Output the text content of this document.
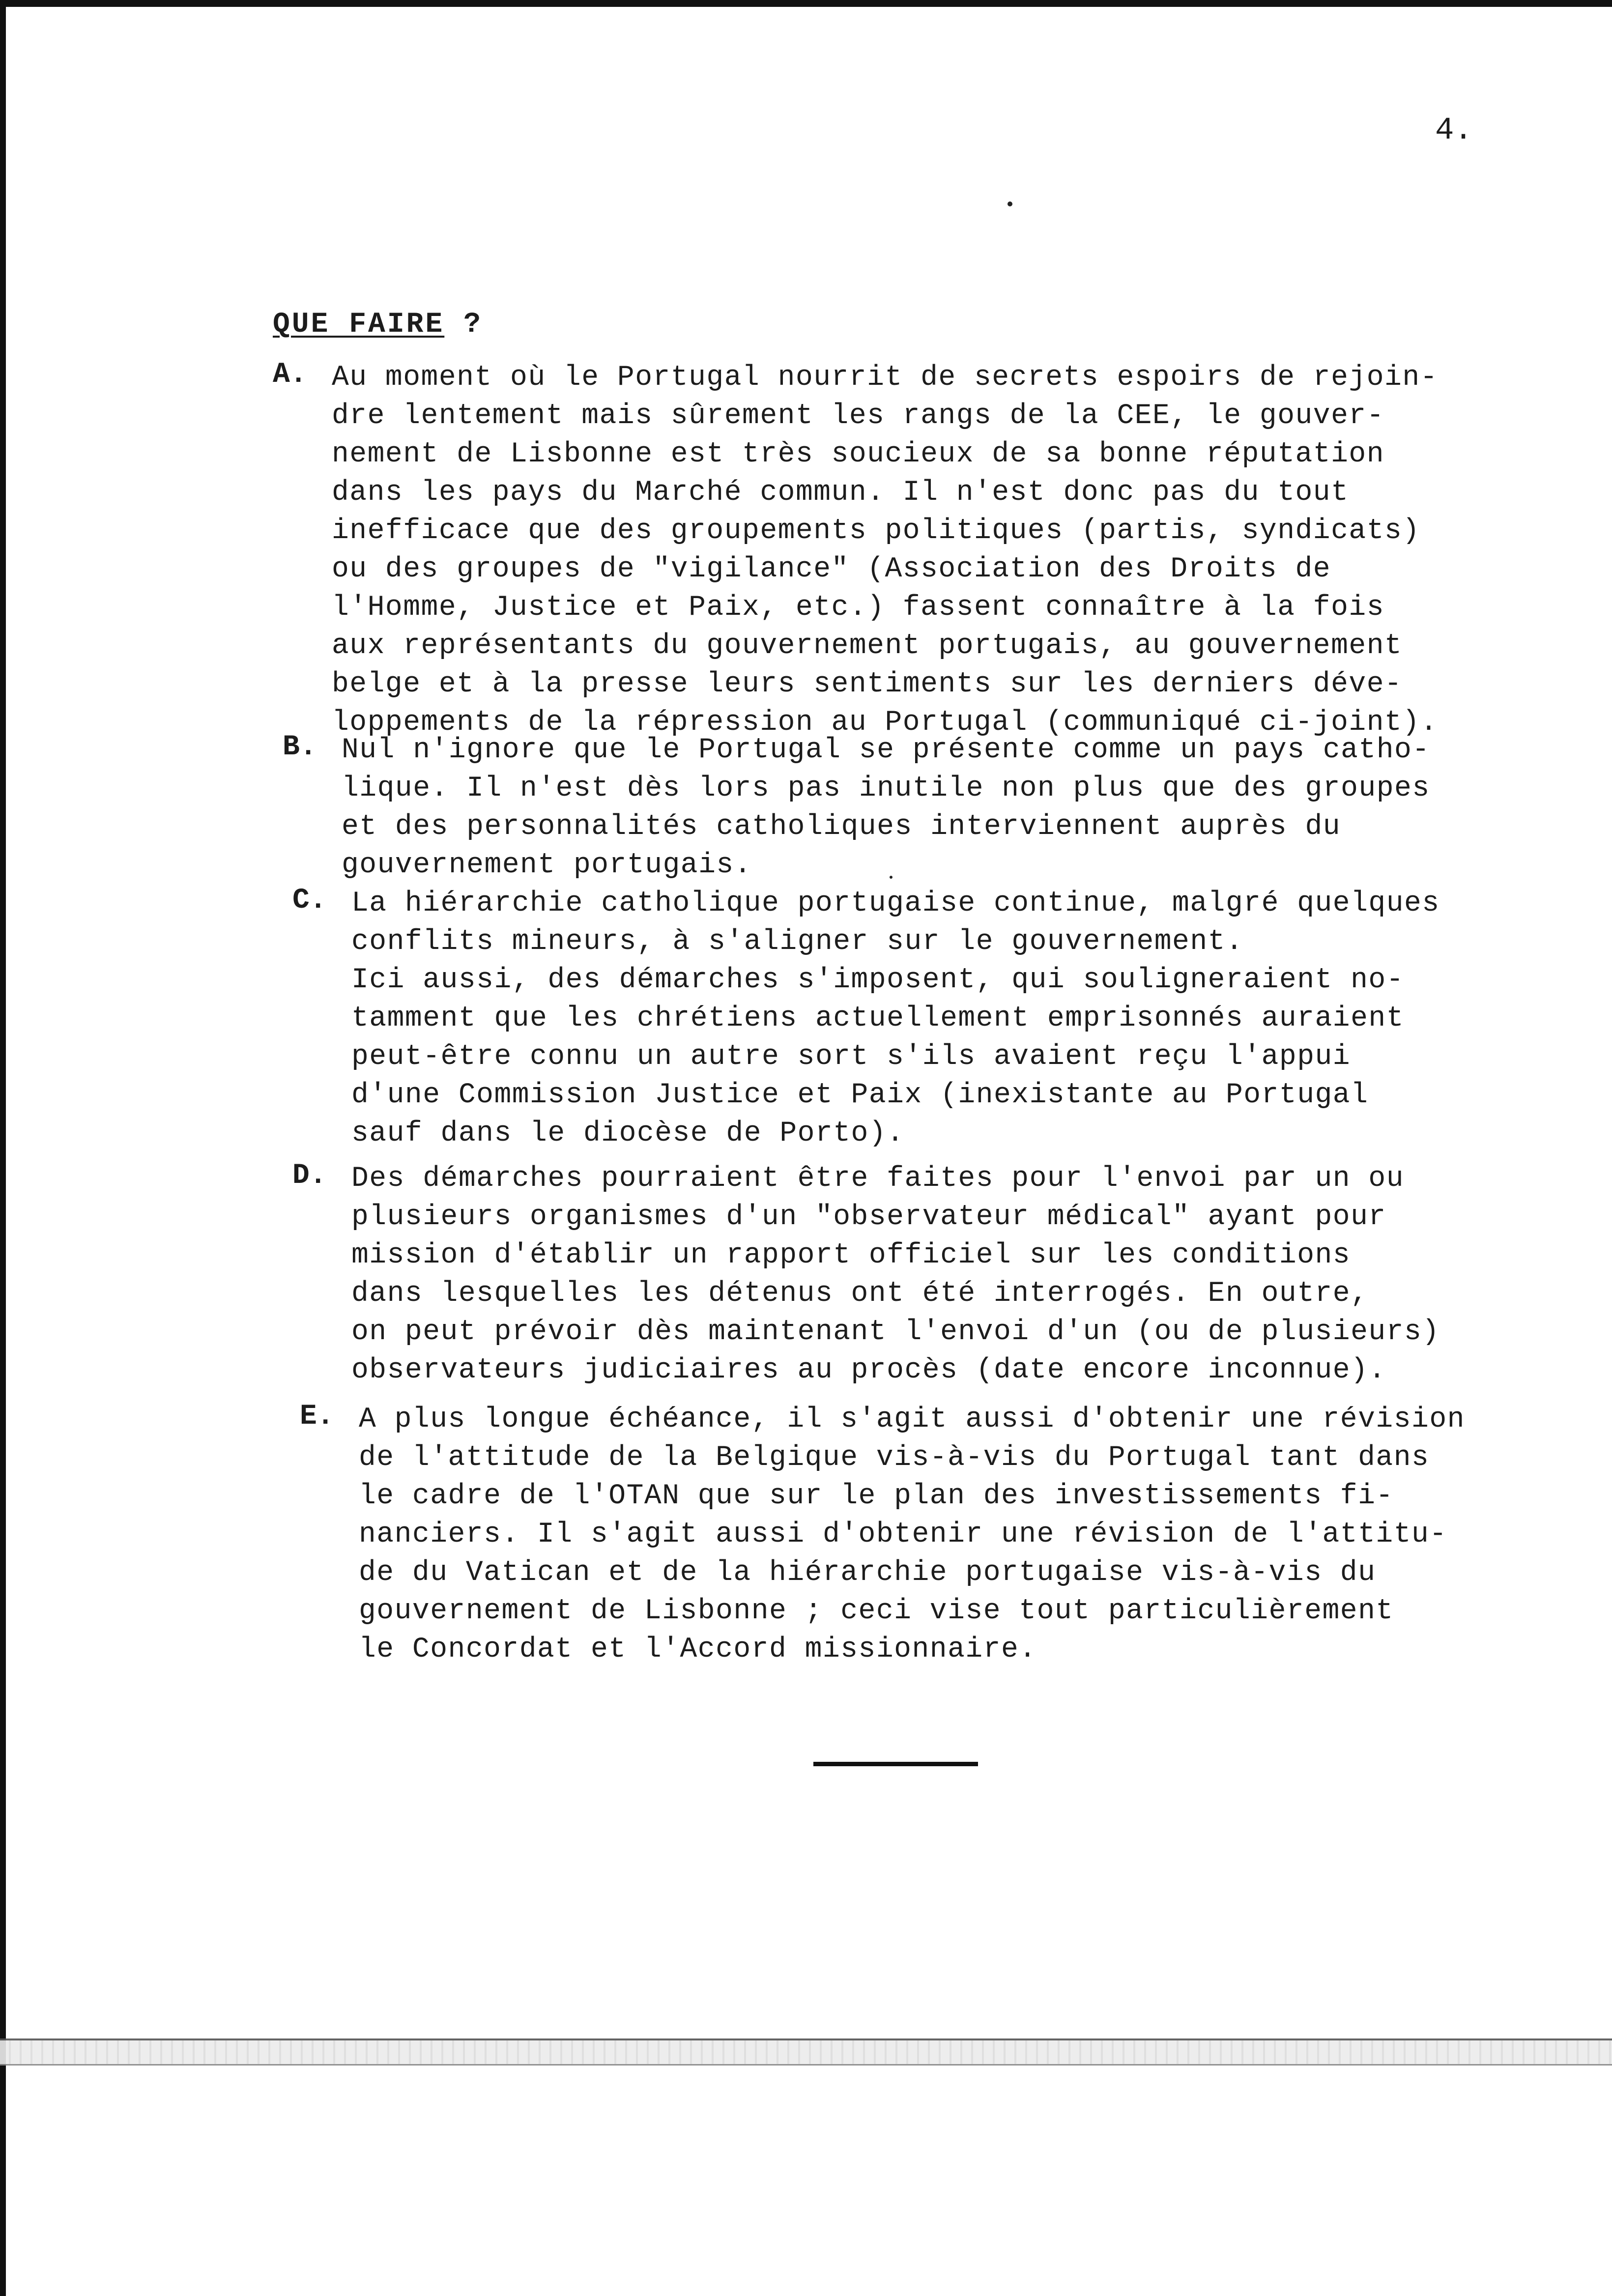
4.
QUE FAIRE ?
A. Au moment où le Portugal nourrit de secrets espoirs de rejoin-
dre lentement mais sûrement les rangs de la CEE, le gouver-
nement de Lisbonne est très soucieux de sa bonne réputation
dans les pays du Marché commun. Il n'est donc pas du tout
inefficace que des groupements politiques (partis, syndicats)
ou des groupes de "vigilance" (Association des Droits de
l'Homme, Justice et Paix, etc.) fassent connaître à la fois
aux représentants du gouvernement portugais, au gouvernement
belge et à la presse leurs sentiments sur les derniers déve-
loppements de la répression au Portugal (communiqué ci-joint).
B. Nul n'ignore que le Portugal se présente comme un pays catho-
lique. Il n'est dès lors pas inutile non plus que des groupes
et des personnalités catholiques interviennent auprès du
gouvernement portugais.
C. La hiérarchie catholique portugaise continue, malgré quelques
conflits mineurs, à s'aligner sur le gouvernement.
Ici aussi, des démarches s'imposent, qui souligneraient no-
tamment que les chrétiens actuellement emprisonnés auraient
peut-être connu un autre sort s'ils avaient reçu l'appui
d'une Commission Justice et Paix (inexistante au Portugal
sauf dans le diocèse de Porto).
D. Des démarches pourraient être faites pour l'envoi par un ou
plusieurs organismes d'un "observateur médical" ayant pour
mission d'établir un rapport officiel sur les conditions
dans lesquelles les détenus ont été interrogés. En outre,
on peut prévoir dès maintenant l'envoi d'un (ou de plusieurs)
observateurs judiciaires au procès (date encore inconnue).
E. A plus longue échéance, il s'agit aussi d'obtenir une révision
de l'attitude de la Belgique vis-à-vis du Portugal tant dans
le cadre de l'OTAN que sur le plan des investissements fi-
nanciers. Il s'agit aussi d'obtenir une révision de l'attitu-
de du Vatican et de la hiérarchie portugaise vis-à-vis du
gouvernement de Lisbonne ; ceci vise tout particulièrement
le Concordat et l'Accord missionnaire.
